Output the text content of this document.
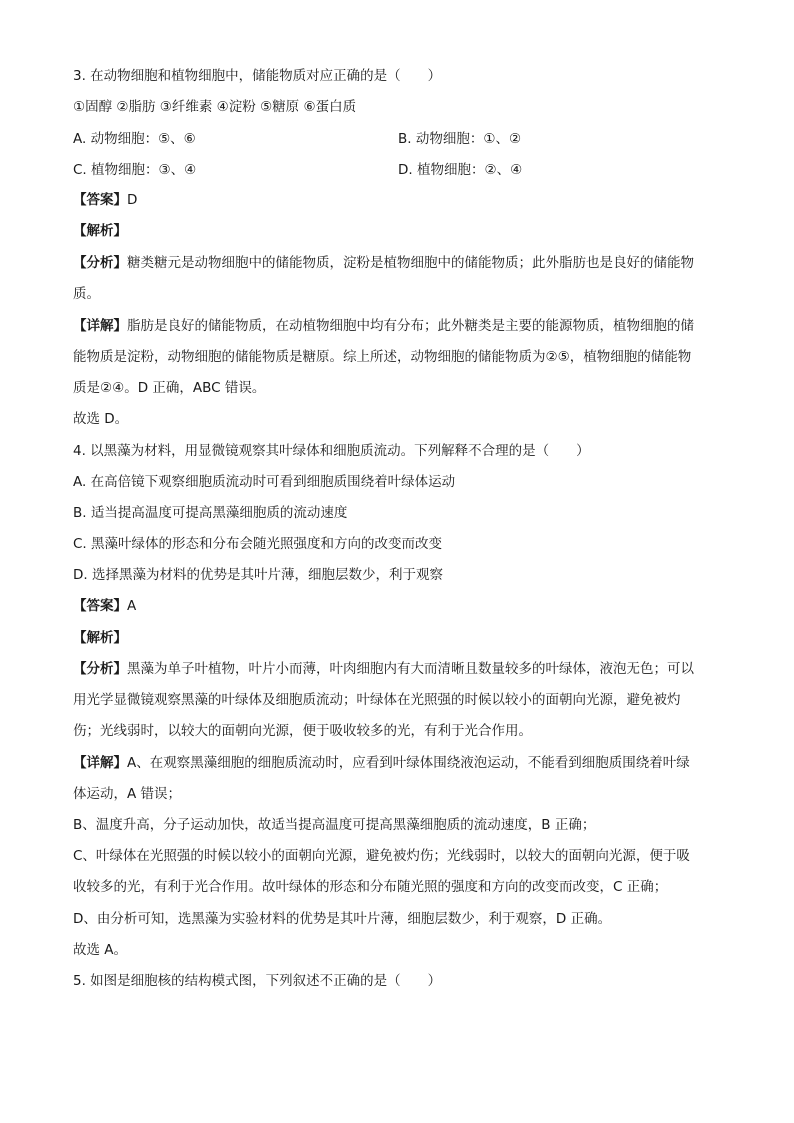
3. 在动物细胞和植物细胞中，储能物质对应正确的是（　　）
①固醇 ②脂肪 ③纤维素 ④淀粉 ⑤糖原 ⑥蛋白质
A. 动物细胞：⑤、⑥	B. 动物细胞：①、②
C. 植物细胞：③、④	D. 植物细胞：②、④
【答案】D
【解析】
【分析】糖类糖元是动物细胞中的储能物质，淀粉是植物细胞中的储能物质；此外脂肪也是良好的储能物
质。
【详解】脂肪是良好的储能物质，在动植物细胞中均有分布；此外糖类是主要的能源物质，植物细胞的储
能物质是淀粉，动物细胞的储能物质是糖原。综上所述，动物细胞的储能物质为②⑤，植物细胞的储能物
质是②④。D 正确，ABC 错误。
故选 D。
4. 以黑藻为材料，用显微镜观察其叶绿体和细胞质流动。下列解释不合理的是（　　）
A. 在高倍镜下观察细胞质流动时可看到细胞质围绕着叶绿体运动
B. 适当提高温度可提高黑藻细胞质的流动速度
C. 黑藻叶绿体的形态和分布会随光照强度和方向的改变而改变
D. 选择黑藻为材料的优势是其叶片薄，细胞层数少，利于观察
【答案】A
【解析】
【分析】黑藻为单子叶植物，叶片小而薄，叶肉细胞内有大而清晰且数量较多的叶绿体，液泡无色；可以
用光学显微镜观察黑藻的叶绿体及细胞质流动；叶绿体在光照强的时候以较小的面朝向光源，避免被灼
伤；光线弱时，以较大的面朝向光源，便于吸收较多的光，有利于光合作用。
【详解】A、在观察黑藻细胞的细胞质流动时，应看到叶绿体围绕液泡运动，不能看到细胞质围绕着叶绿
体运动，A 错误；
B、温度升高，分子运动加快，故适当提高温度可提高黑藻细胞质的流动速度，B 正确；
C、叶绿体在光照强的时候以较小的面朝向光源，避免被灼伤；光线弱时，以较大的面朝向光源，便于吸
收较多的光，有利于光合作用。故叶绿体的形态和分布随光照的强度和方向的改变而改变，C 正确；
D、由分析可知，选黑藻为实验材料的优势是其叶片薄，细胞层数少，利于观察，D 正确。
故选 A。
5. 如图是细胞核的结构模式图，下列叙述不正确的是（　　）
